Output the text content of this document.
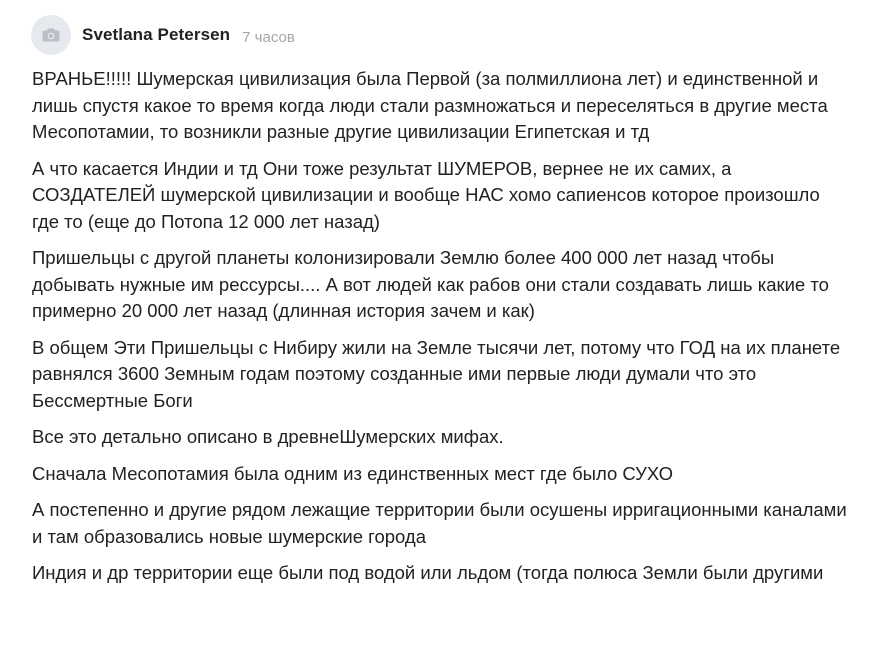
Svetlana Petersen 7 часов

ВРАНЬЕ!!!!! Шумерская цивилизация была Первой (за полмиллиона лет) и единственной и лишь спустя какое то время когда люди стали размножаться и переселяться в другие места Месопотамии, то возникли разные другие цивилизации Египетская и тд

А что касается Индии и тд Они тоже результат ШУМЕРОВ, вернее не их самих, а СОЗДАТЕЛЕЙ шумерской цивилизации и вообще НАС хомо сапиенсов которое произошло где то (еще до Потопа 12 000 лет назад)

Пришельцы с другой планеты колонизировали Землю более 400 000 лет назад чтобы добывать нужные им рессурсы.... А вот людей как рабов они стали создавать лишь какие то примерно 20 000 лет назад (длинная история зачем и как)

В общем Эти Пришельцы с Нибиру жили на Земле тысячи лет, потому что ГОД на их планете равнялся 3600 Земным годам поэтому созданные ими первые люди думали что это Бессмертные Боги

Все это детально описано в древнеШумерских мифах.

Сначала Месопотамия была одним из единственных мест где было СУХО

А постепенно и другие рядом лежащие территории были осушены ирригационными каналами и там образовались новые шумерские города

Индия и др территории еще были под водой или льдом (тогда полюса Земли были другими
